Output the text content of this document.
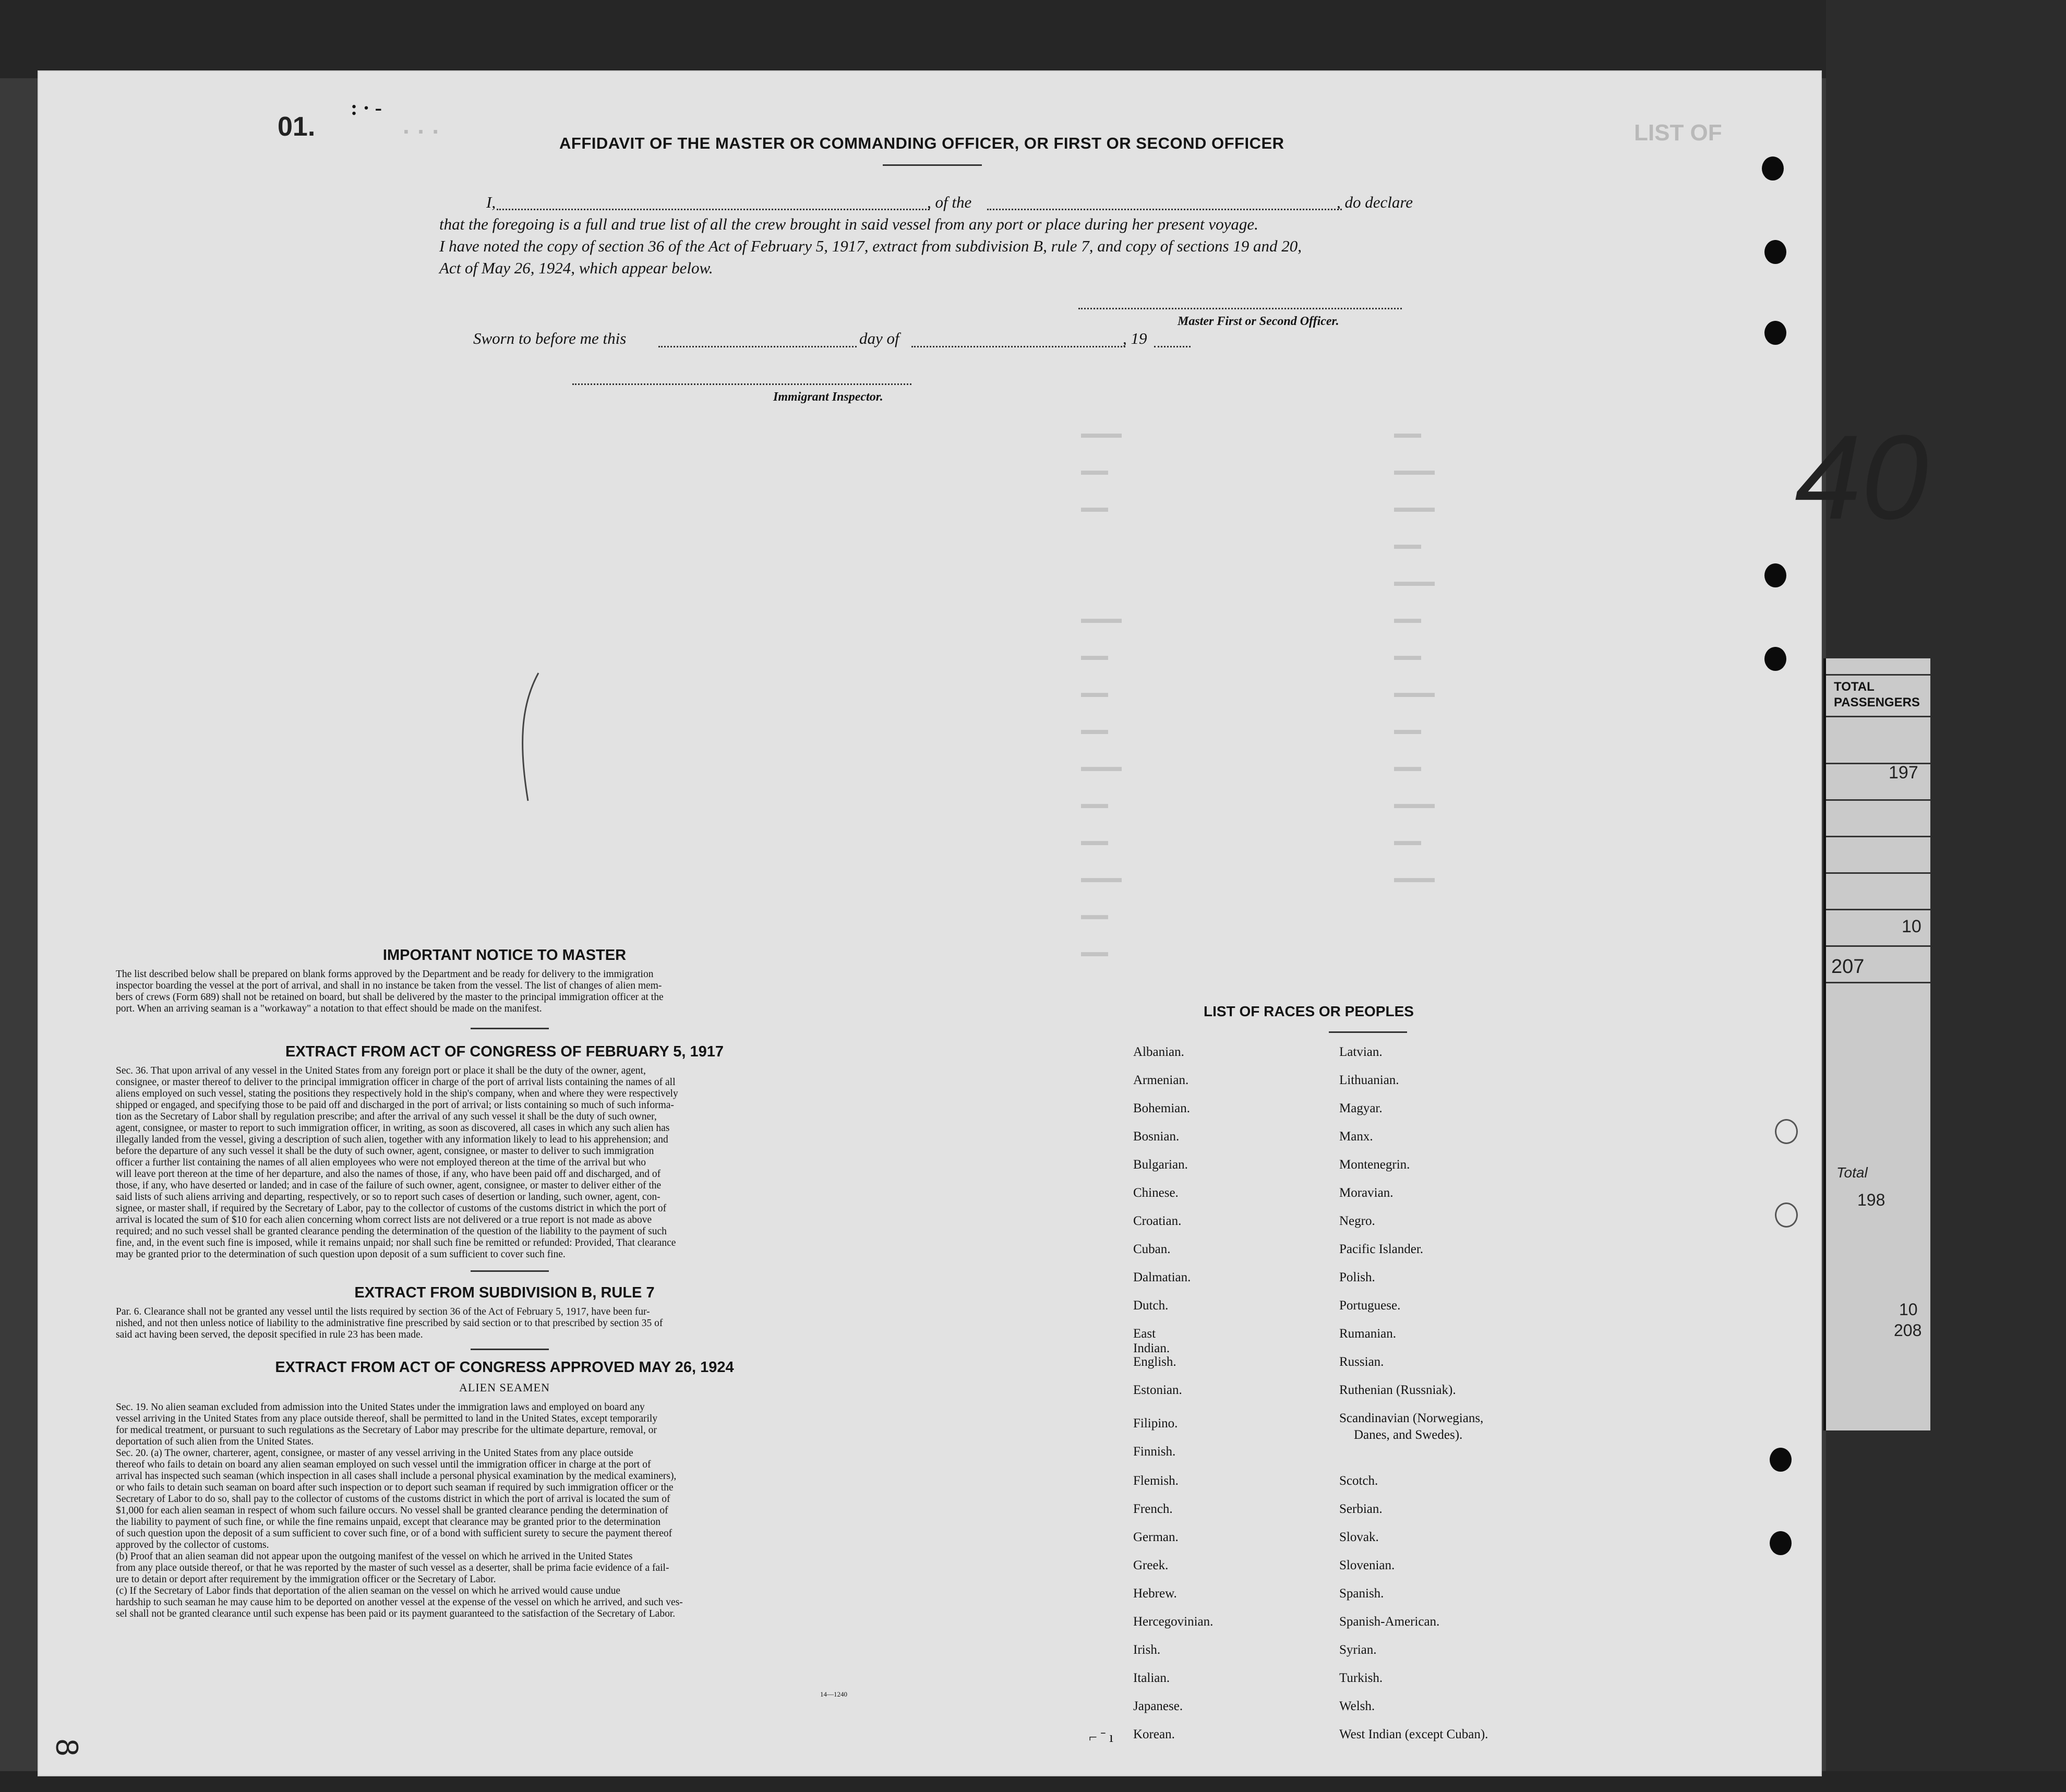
· · ·	LIST OF
01.
: · -
AFFIDAVIT OF THE MASTER OR COMMANDING OFFICER, OR FIRST OR SECOND OFFICER
I,	, of the	, do declare
that the foregoing is a full and true list of all the crew brought in said vessel from any port or place during her present voyage.
I have noted the copy of section 36 of the Act of February 5, 1917, extract from subdivision B, rule 7, and copy of sections 19 and 20,
Act of May 26, 1924, which appear below.
Master First or Second Officer.
Sworn to before me this	day of	, 19
Immigrant Inspector.
▬▬▬
▬▬
▬▬

▬▬▬
▬▬
▬▬
▬▬
▬▬▬
▬▬
▬▬
▬▬▬
▬▬
▬▬
▬▬
▬▬▬
▬▬▬
▬▬
▬▬▬
▬▬
▬▬
▬▬▬
▬▬
▬▬
▬▬▬
▬▬
▬▬▬
IMPORTANT NOTICE TO MASTER
The list described below shall be prepared on blank forms approved by the Department and be ready for delivery to the immigration
inspector boarding the vessel at the port of arrival, and shall in no instance be taken from the vessel. The list of changes of alien mem-
bers of crews (Form 689) shall not be retained on board, but shall be delivered by the master to the principal immigration officer at the
port. When an arriving seaman is a "workaway" a notation to that effect should be made on the manifest.
EXTRACT FROM ACT OF CONGRESS OF FEBRUARY 5, 1917
Sec. 36. That upon arrival of any vessel in the United States from any foreign port or place it shall be the duty of the owner, agent,
consignee, or master thereof to deliver to the principal immigration officer in charge of the port of arrival lists containing the names of all
aliens employed on such vessel, stating the positions they respectively hold in the ship's company, when and where they were respectively
shipped or engaged, and specifying those to be paid off and discharged in the port of arrival; or lists containing so much of such informa-
tion as the Secretary of Labor shall by regulation prescribe; and after the arrival of any such vessel it shall be the duty of such owner,
agent, consignee, or master to report to such immigration officer, in writing, as soon as discovered, all cases in which any such alien has
illegally landed from the vessel, giving a description of such alien, together with any information likely to lead to his apprehension; and
before the departure of any such vessel it shall be the duty of such owner, agent, consignee, or master to deliver to such immigration
officer a further list containing the names of all alien employees who were not employed thereon at the time of the arrival but who
will leave port thereon at the time of her departure, and also the names of those, if any, who have been paid off and discharged, and of
those, if any, who have deserted or landed; and in case of the failure of such owner, agent, consignee, or master to deliver either of the
said lists of such aliens arriving and departing, respectively, or so to report such cases of desertion or landing, such owner, agent, con-
signee, or master shall, if required by the Secretary of Labor, pay to the collector of customs of the customs district in which the port of
arrival is located the sum of $10 for each alien concerning whom correct lists are not delivered or a true report is not made as above
required; and no such vessel shall be granted clearance pending the determination of the question of the liability to the payment of such
fine, and, in the event such fine is imposed, while it remains unpaid; nor shall such fine be remitted or refunded: Provided, That clearance
may be granted prior to the determination of such question upon deposit of a sum sufficient to cover such fine.
EXTRACT FROM SUBDIVISION B, RULE 7
Par. 6. Clearance shall not be granted any vessel until the lists required by section 36 of the Act of February 5, 1917, have been fur-
nished, and not then unless notice of liability to the administrative fine prescribed by said section or to that prescribed by section 35 of
said act having been served, the deposit specified in rule 23 has been made.
EXTRACT FROM ACT OF CONGRESS APPROVED MAY 26, 1924
ALIEN SEAMEN
Sec. 19. No alien seaman excluded from admission into the United States under the immigration laws and employed on board any
vessel arriving in the United States from any place outside thereof, shall be permitted to land in the United States, except temporarily
for medical treatment, or pursuant to such regulations as the Secretary of Labor may prescribe for the ultimate departure, removal, or
deportation of such alien from the United States.
Sec. 20. (a) The owner, charterer, agent, consignee, or master of any vessel arriving in the United States from any place outside
thereof who fails to detain on board any alien seaman employed on such vessel until the immigration officer in charge at the port of
arrival has inspected such seaman (which inspection in all cases shall include a personal physical examination by the medical examiners),
or who fails to detain such seaman on board after such inspection or to deport such seaman if required by such immigration officer or the
Secretary of Labor to do so, shall pay to the collector of customs of the customs district in which the port of arrival is located the sum of
$1,000 for each alien seaman in respect of whom such failure occurs. No vessel shall be granted clearance pending the determination of
the liability to payment of such fine, or while the fine remains unpaid, except that clearance may be granted prior to the determination
of such question upon the deposit of a sum sufficient to cover such fine, or of a bond with sufficient surety to secure the payment thereof
approved by the collector of customs.
(b) Proof that an alien seaman did not appear upon the outgoing manifest of the vessel on which he arrived in the United States
from any place outside thereof, or that he was reported by the master of such vessel as a deserter, shall be prima facie evidence of a fail-
ure to detain or deport after requirement by the immigration officer or the Secretary of Labor.
(c) If the Secretary of Labor finds that deportation of the alien seaman on the vessel on which he arrived would cause undue
hardship to such seaman he may cause him to be deported on another vessel at the expense of the vessel on which he arrived, and such ves-
sel shall not be granted clearance until such expense has been paid or its payment guaranteed to the satisfaction of the Secretary of Labor.
14—1240
LIST OF RACES OR PEOPLES
Albanian.
Armenian.
Bohemian.
Bosnian.
Bulgarian.
Chinese.
Croatian.
Cuban.
Dalmatian.
Dutch.
East Indian.
English.
Estonian.
Filipino.
Finnish.
Flemish.
French.
German.
Greek.
Hebrew.
Hercegovinian.
Irish.
Italian.
Japanese.
Korean.
Latvian.
Lithuanian.
Magyar.
Manx.
Montenegrin.
Moravian.
Negro.
Pacific Islander.
Polish.
Portuguese.
Rumanian.
Russian.
Ruthenian (Russniak).
Scandinavian (Norwegians,
Danes, and Swedes).
Scotch.
Serbian.
Slovak.
Slovenian.
Spanish.
Spanish-American.
Syrian.
Turkish.
Welsh.
West Indian (except Cuban).
8
⌐ ˉ ı
40
TOTAL
PASSENGERS
197
10
207
Total
198
10
208
